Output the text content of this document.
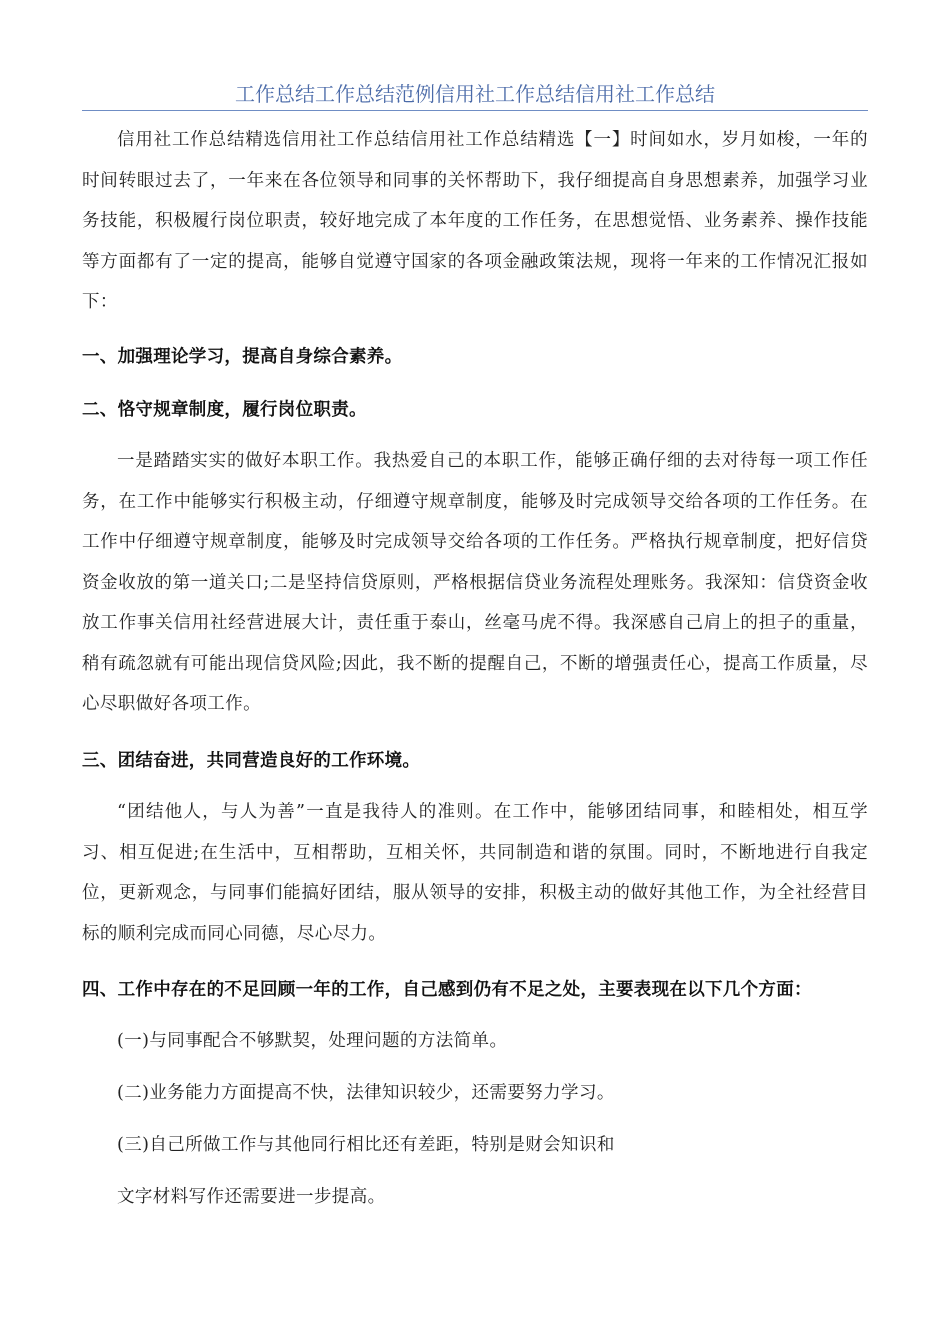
工作总结工作总结范例信用社工作总结信用社工作总结

信用社工作总结精选信用社工作总结信用社工作总结精选【一】时间如水，岁月如梭，一年的时间转眼过去了，一年来在各位领导和同事的关怀帮助下，我仔细提高自身思想素养，加强学习业务技能，积极履行岗位职责，较好地完成了本年度的工作任务，在思想觉悟、业务素养、操作技能等方面都有了一定的提高，能够自觉遵守国家的各项金融政策法规，现将一年来的工作情况汇报如下：

一、加强理论学习，提高自身综合素养。
二、恪守规章制度，履行岗位职责。

一是踏踏实实的做好本职工作。我热爱自己的本职工作，能够正确仔细的去对待每一项工作任务，在工作中能够实行积极主动，仔细遵守规章制度，能够及时完成领导交给各项的工作任务。在工作中仔细遵守规章制度，能够及时完成领导交给各项的工作任务。严格执行规章制度，把好信贷资金收放的第一道关口;二是坚持信贷原则，严格根据信贷业务流程处理账务。我深知：信贷资金收放工作事关信用社经营进展大计，责任重于泰山，丝毫马虎不得。我深感自己肩上的担子的重量，稍有疏忽就有可能出现信贷风险;因此，我不断的提醒自己，不断的增强责任心，提高工作质量，尽心尽职做好各项工作。

三、团结奋进，共同营造良好的工作环境。

“团结他人，与人为善”一直是我待人的准则。在工作中，能够团结同事，和睦相处，相互学习、相互促进;在生活中，互相帮助，互相关怀，共同制造和谐的氛围。同时，不断地进行自我定位，更新观念，与同事们能搞好团结，服从领导的安排，积极主动的做好其他工作，为全社经营目标的顺利完成而同心同德，尽心尽力。

四、工作中存在的不足回顾一年的工作，自己感到仍有不足之处，主要表现在以下几个方面：
(一)与同事配合不够默契，处理问题的方法简单。
(二)业务能力方面提高不快，法律知识较少，还需要努力学习。
(三)自己所做工作与其他同行相比还有差距，特别是财会知识和
文字材料写作还需要进一步提高。
